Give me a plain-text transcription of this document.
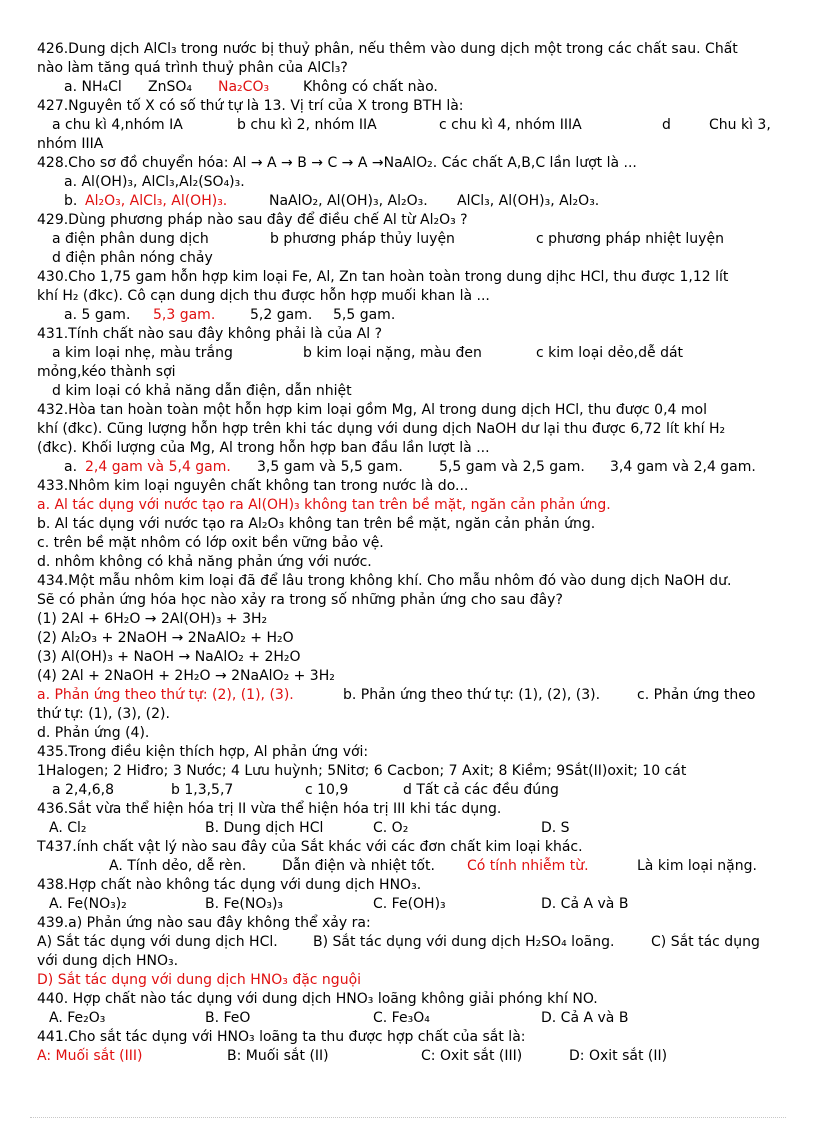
426.Dung dịch AlCl₃ trong nước bị thuỷ phân, nếu thêm vào dung dịch một trong các chất sau. Chất
nào làm tăng quá trình thuỷ phân của AlCl₃?
a. NH₄Cl ZnSO₄ Na₂CO₃ Không có chất nào.
427.Nguyên tố X có số thứ tự là 13. Vị trí của X trong BTH là:
a chu kì 4,nhóm IA	b chu kì 2, nhóm IIA	c chu kì 4, nhóm IIIA	d	Chu kì 3,
nhóm IIIA
428.Cho sơ đồ chuyển hóa: Al → A → B → C → A →NaAlO₂. Các chất A,B,C lần lượt là ...
a. Al(OH)₃, AlCl₃,Al₂(SO₄)₃.
b. Al₂O₃, AlCl₃, Al(OH)₃.	NaAlO₂, Al(OH)₃, Al₂O₃. AlCl₃, Al(OH)₃, Al₂O₃.
429.Dùng phương pháp nào sau đây để điều chế Al từ Al₂O₃ ?
a điện phân dung dịch	b phương pháp thủy luyện	c phương pháp nhiệt luyện
d điện phân nóng chảy
430.Cho 1,75 gam hỗn hợp kim loại Fe, Al, Zn tan hoàn toàn trong dung dịhc HCl, thu được 1,12 lít
khí H₂ (đkc). Cô cạn dung dịch thu được hỗn hợp muối khan là ...
a. 5 gam. 5,3 gam. 5,2 gam. 5,5 gam.
431.Tính chất nào sau đây không phải là của Al ?
a kim loại nhẹ, màu trắng	b kim loại nặng, màu đen	c kim loại dẻo,dễ dát
mỏng,kéo thành sợi
d kim loại có khả năng dẫn điện, dẫn nhiệt
432.Hòa tan hoàn toàn một hỗn hợp kim loại gồm Mg, Al trong dung dịch HCl, thu được 0,4 mol
khí (đkc). Cũng lượng hỗn hợp trên khi tác dụng với dung dịch NaOH dư lại thu được 6,72 lít khí H₂
(đkc). Khối lượng của Mg, Al trong hỗn hợp ban đầu lần lượt là ...
a. 2,4 gam và 5,4 gam. 3,5 gam và 5,5 gam.	5,5 gam và 2,5 gam. 3,4 gam và 2,4 gam.
433.Nhôm kim loại nguyên chất không tan trong nước là do...
a. Al tác dụng với nước tạo ra Al(OH)₃ không tan trên bề mặt, ngăn cản phản ứng.
b. Al tác dụng với nước tạo ra Al₂O₃ không tan trên bề mặt, ngăn cản phản ứng.
c. trên bề mặt nhôm có lớp oxit bền vững bảo vệ.
d. nhôm không có khả năng phản ứng với nước.
434.Một mẫu nhôm kim loại đã để lâu trong không khí. Cho mẫu nhôm đó vào dung dịch NaOH dư.
Sẽ có phản ứng hóa học nào xảy ra trong số những phản ứng cho sau đây?
(1) 2Al + 6H₂O → 2Al(OH)₃ + 3H₂
(2) Al₂O₃ + 2NaOH → 2NaAlO₂ + H₂O
(3) Al(OH)₃ + NaOH → NaAlO₂ + 2H₂O
(4) 2Al + 2NaOH + 2H₂O → 2NaAlO₂ + 3H₂
a. Phản ứng theo thứ tự: (2), (1), (3).	b. Phản ứng theo thứ tự: (1), (2), (3).	c. Phản ứng theo
thứ tự: (1), (3), (2).
d. Phản ứng (4).
435.Trong điều kiện thích hợp, Al phản ứng với:
1Halogen; 2 Hiđro; 3 Nước; 4 Lưu huỳnh; 5Nitơ; 6 Cacbon; 7 Axit; 8 Kiềm; 9Sắt(II)oxit; 10 cát
a 2,4,6,8	b 1,3,5,7	c 10,9	d Tất cả các đều đúng
436.Sắt vừa thể hiện hóa trị II vừa thể hiện hóa trị III khi tác dụng.
A. Cl₂	B. Dung dịch HCl	C. O₂	D. S
T437.ính chất vật lý nào sau đây của Sắt khác với các đơn chất kim loại khác.
A. Tính dẻo, dễ rèn.	Dẫn điện và nhiệt tốt. Có tính nhiễm từ.	Là kim loại nặng.
438.Hợp chất nào không tác dụng với dung dịch HNO₃.
A. Fe(NO₃)₂	B. Fe(NO₃)₃	C. Fe(OH)₃	D. Cả A và B
439.a) Phản ứng nào sau đây không thể xảy ra:
A) Sắt tác dụng với dung dịch HCl.	B) Sắt tác dụng với dung dịch H₂SO₄ loãng.	C) Sắt tác dụng
với dung dịch HNO₃.
D) Sắt tác dụng với dung dịch HNO₃ đặc nguội
440. Hợp chất nào tác dụng với dung dịch HNO₃ loãng không giải phóng khí NO.
A. Fe₂O₃	B. FeO	C. Fe₃O₄	D. Cả A và B
441.Cho sắt tác dụng với HNO₃ loãng ta thu được hợp chất của sắt là:
A: Muối sắt (III)	B: Muối sắt (II)	C: Oxit sắt (III)	D: Oxit sắt (II)
